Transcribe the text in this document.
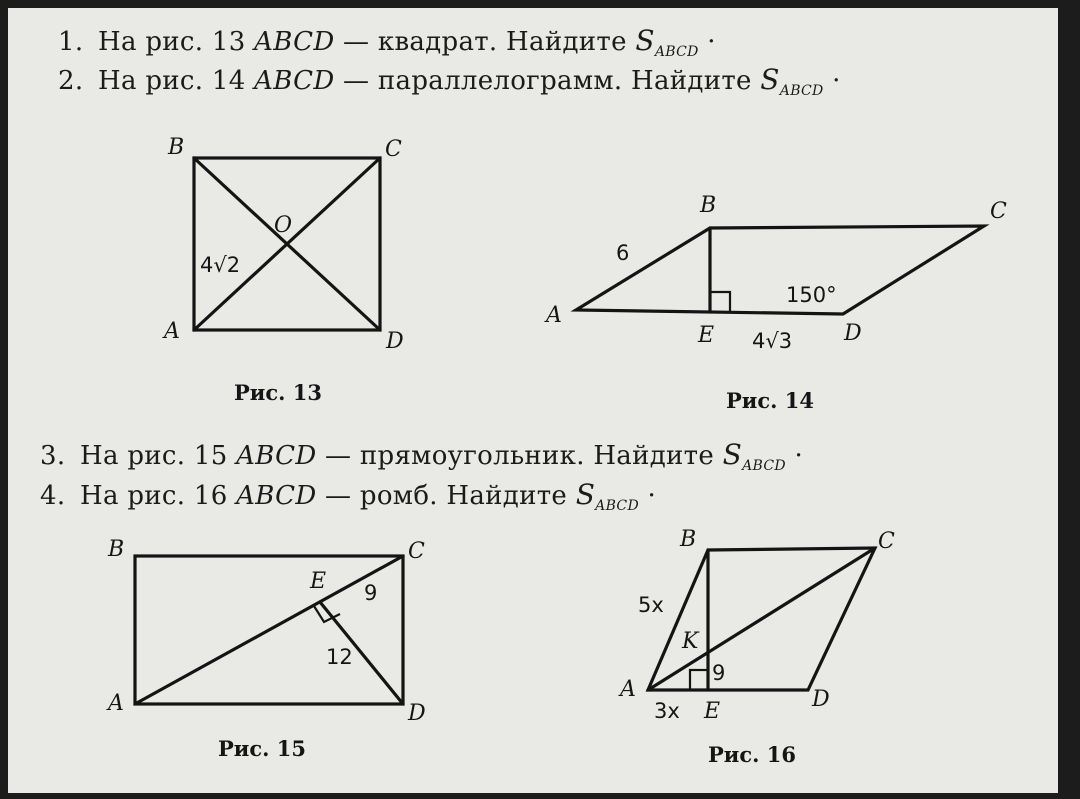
1. На рис. 13 ABCD — квадрат. Найдите $S_{ABCD}$ ·
2. На рис. 14 ABCD — параллелограмм. Найдите $S_{ABCD}$ ·
3. На рис. 15 ABCD — прямоугольник. Найдите $S_{ABCD}$ ·
4. На рис. 16 ABCD — ромб. Найдите $S_{ABCD}$ ·
B	C
A	D
O
4√2
Рис. 13
B	C
A
D
E
6
4√3
150°
Рис. 14
B	C
A	D
E 9
12
Рис. 15
B	C
A	D
E
K
5x
3x
9
Рис. 16
